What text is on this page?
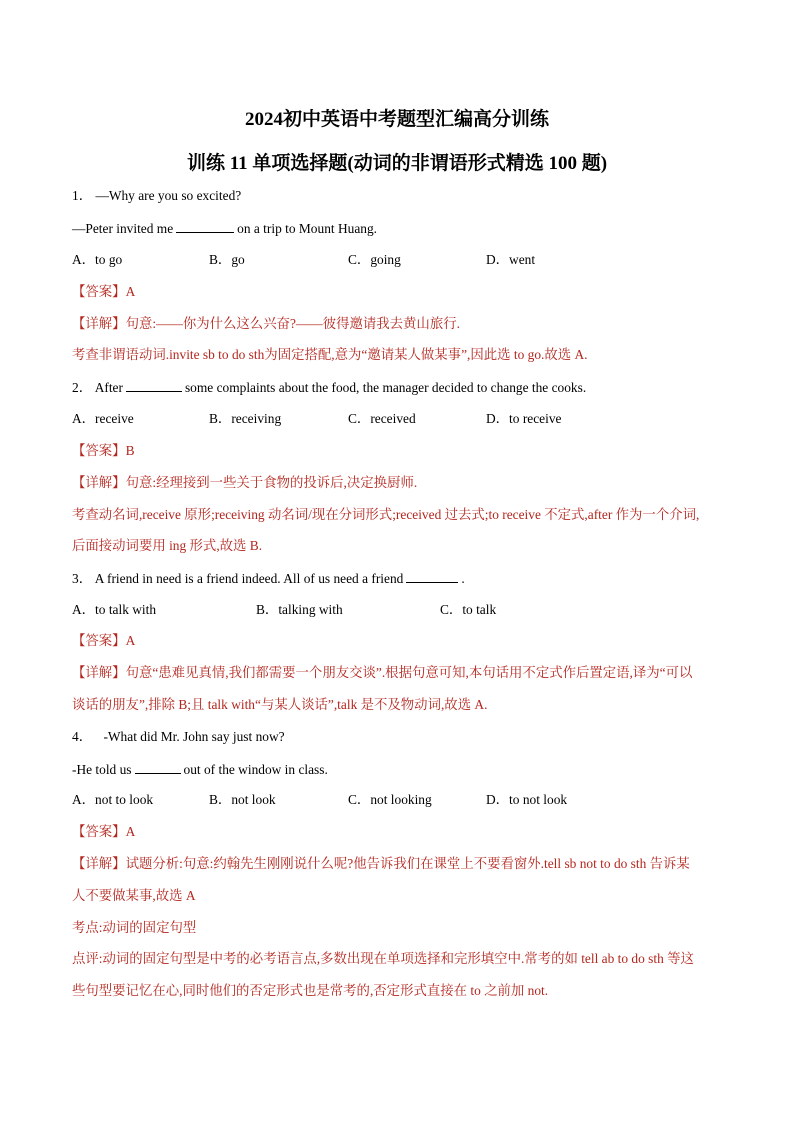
2024初中英语中考题型汇编高分训练
训练 11 单项选择题(动词的非谓语形式精选 100 题)
1． —Why are you so excited?
—Peter invited me	on a trip to Mount Huang.
A．to go	B．go	C．going	D．went
【答案】A
【详解】句意:——你为什么这么兴奋?——彼得邀请我去黄山旅行.
考查非谓语动词.invite sb to do sth为固定搭配,意为“邀请某人做某事”,因此选 to go.故选 A.
2． After	some complaints about the food, the manager decided to change the cooks.
A．receive	B．receiving	C．received	D．to receive
【答案】B
【详解】句意:经理接到一些关于食物的投诉后,决定换厨师.
考查动名词,receive 原形;receiving 动名词/现在分词形式;received 过去式;to receive 不定式,after 作为一个介词,
后面接动词要用 ing 形式,故选 B.
3． A friend in need is a friend indeed. All of us need a friend	.
A．to talk with	B．talking with	C．to talk
【答案】A
【详解】句意“患难见真情,我们都需要一个朋友交谈”.根据句意可知,本句话用不定式作后置定语,译为“可以
谈话的朋友”,排除 B;且 talk with“与某人谈话”,talk 是不及物动词,故选 A.
4． -What did Mr. John say just now?
-He told us	out of the window in class.
A．not to look	B．not look	C．not looking	D．to not look
【答案】A
【详解】试题分析:句意:约翰先生刚刚说什么呢?他告诉我们在课堂上不要看窗外.tell sb not to do sth 告诉某
人不要做某事,故选 A
考点:动词的固定句型
点评:动词的固定句型是中考的必考语言点,多数出现在单项选择和完形填空中.常考的如 tell ab to do sth 等这
些句型要记忆在心,同时他们的否定形式也是常考的,否定形式直接在 to 之前加 not.
